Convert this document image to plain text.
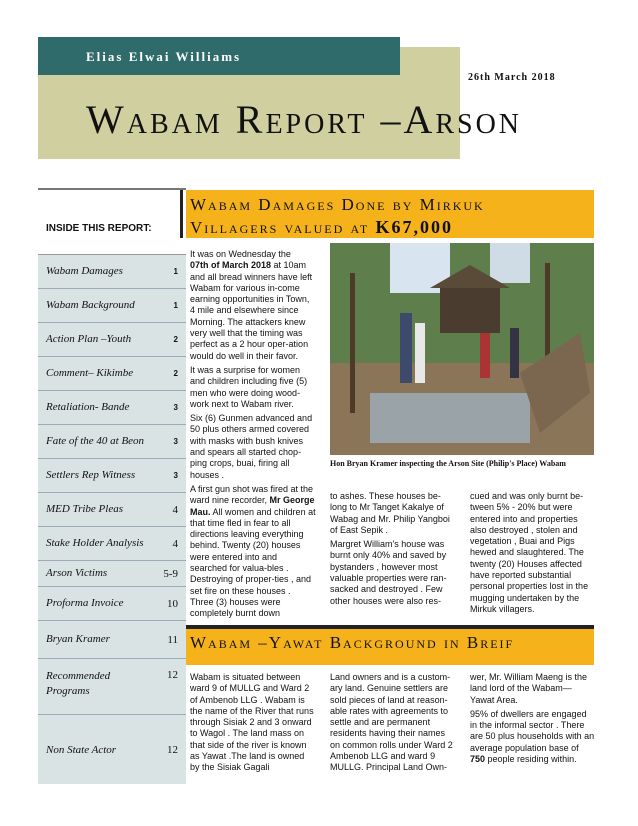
Elias Elwai Williams
26th March 2018
Wabam Report –Arson
INSIDE THIS REPORT:
Wabam Damages	1
Wabam Background	1
Action Plan –Youth	2
Comment– Kikimbe	2
Retaliation- Bande	3
Fate of the 40 at Beon	3
Settlers Rep Witness	3
MED Tribe Pleas	4
Stake Holder Analysis	4
Arson Victims	5-9
Proforma Invoice	10
Bryan Kramer	11
Recommended Programs
12
Non State Actor	12
Wabam Damages Done by Mirkuk
Villagers valued at K67,000

It was on Wednesday the
07th of March 2018 at 10am and all bread winners have left Wabam for various in-come earning opportunities in Town, 4 mile and elsewhere since Morning. The attackers knew very well that the timing was perfect as a 2 hour oper-ation would do well in their favor.

It was a surprise for women and children including five (5) men who were doing wood-work next to Wabam river.

Six (6) Gunmen advanced and 50 plus others armed covered with masks with bush knives and spears all started chop-ping crops, buai, firing all houses .

A first gun shot was fired at the ward nine recorder, Mr George Mau. All women and children at that time fled in fear to all directions leaving everything behind. Twenty (20) houses were entered into and searched for valua-bles . Destroying of proper-ties , and set fire on these houses . Three (3) houses were completely burnt down

Hon Bryan Kramer inspecting the Arson Site (Philip's Place) Wabam

to ashes. These houses be-long to Mr Tanget Kakalye of Wabag and Mr. Philip Yangboi of East Sepik .

Margret William's house was burnt only 40% and saved by bystanders , however most valuable properties were ran-sacked and destroyed . Few other houses were also res-

cued and was only burnt be-tween 5% - 20% but were entered into and properties also destroyed , stolen and vegetation , Buai and Pigs hewed and slaughtered. The twenty (20) Houses affected have reported substantial personal properties lost in the mugging undertaken by the Mirkuk villagers.

Wabam –Yawat Background in Breif

Wabam is situated between ward 9 of MULLG and Ward 2 of Ambenob LLG . Wabam is the name of the River that runs through Sisiak 2 and 3 onward to Wagol . The land mass on that side of the river is known as Yawat .The land is owned by the Sisiak Gagali

Land owners and is a custom-ary land. Genuine settlers are sold pieces of land at reason-able rates with agreements to settle and are permanent residents having their names on common rolls under Ward 2 Ambenob LLG and ward 9 MULLG. Principal Land Own-

wer, Mr. William Maeng is the land lord of the Wabam—Yawat Area.

95% of dwellers are engaged in the informal sector . There are 50 plus households with an average population base of 750 people residing within.
